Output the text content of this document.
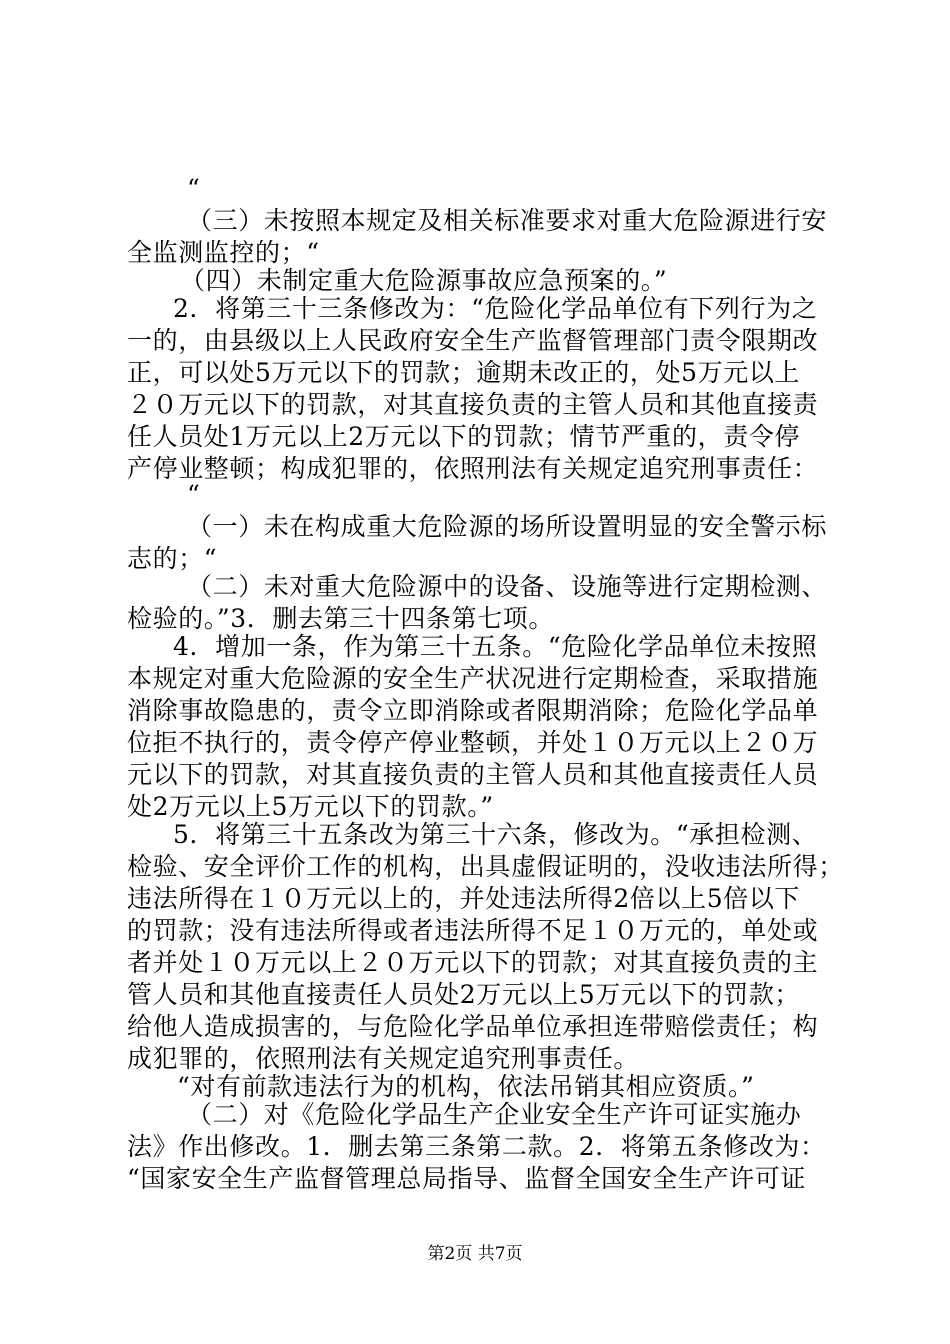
“
（三）未按照本规定及相关标准要求对重大危险源进行安
全监测监控的；“
（四）未制定重大危险源事故应急预案的。”
2．将第三十三条修改为：“危险化学品单位有下列行为之
一的，由县级以上人民政府安全生产监督管理部门责令限期改
正，可以处5万元以下的罚款；逾期未改正的，处5万元以上
２０万元以下的罚款，对其直接负责的主管人员和其他直接责
任人员处1万元以上2万元以下的罚款；情节严重的，责令停
产停业整顿；构成犯罪的，依照刑法有关规定追究刑事责任：
“
（一）未在构成重大危险源的场所设置明显的安全警示标
志的；“
（二）未对重大危险源中的设备、设施等进行定期检测、
检验的。”3．删去第三十四条第七项。
4．增加一条，作为第三十五条。“危险化学品单位未按照
本规定对重大危险源的安全生产状况进行定期检查，采取措施
消除事故隐患的，责令立即消除或者限期消除；危险化学品单
位拒不执行的，责令停产停业整顿，并处１０万元以上２０万
元以下的罚款，对其直接负责的主管人员和其他直接责任人员
处2万元以上5万元以下的罚款。”
5．将第三十五条改为第三十六条，修改为。“承担检测、
检验、安全评价工作的机构，出具虚假证明的，没收违法所得；
违法所得在１０万元以上的，并处违法所得2倍以上5倍以下
的罚款；没有违法所得或者违法所得不足１０万元的，单处或
者并处１０万元以上２０万元以下的罚款；对其直接负责的主
管人员和其他直接责任人员处2万元以上5万元以下的罚款；
给他人造成损害的，与危险化学品单位承担连带赔偿责任；构
成犯罪的，依照刑法有关规定追究刑事责任。
“对有前款违法行为的机构，依法吊销其相应资质。”
（二）对《危险化学品生产企业安全生产许可证实施办
法》作出修改。1．删去第三条第二款。2．将第五条修改为：
“国家安全生产监督管理总局指导、监督全国安全生产许可证
第2页 共7页
